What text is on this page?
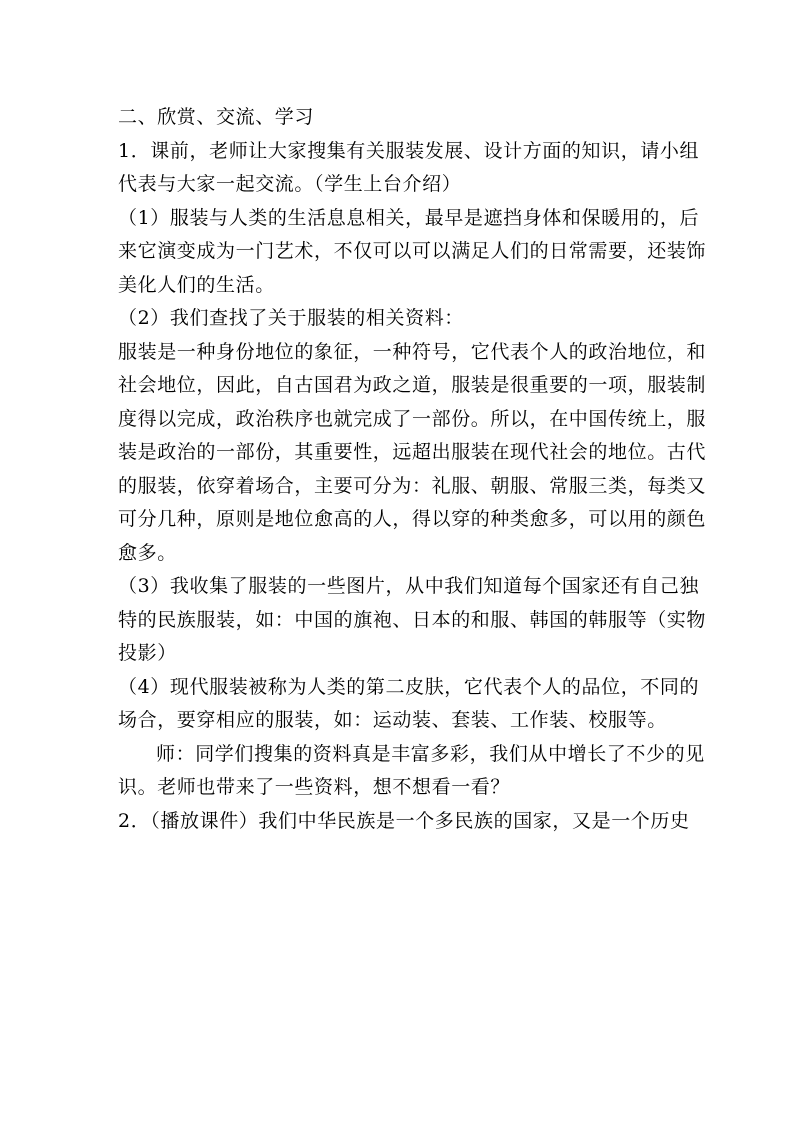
二、欣赏、交流、学习
1．课前，老师让大家搜集有关服装发展、设计方面的知识，请小组
代表与大家一起交流。（学生上台介绍）
（1）服装与人类的生活息息相关，最早是遮挡身体和保暖用的，后
来它演变成为一门艺术，不仅可以可以满足人们的日常需要，还装饰
美化人们的生活。
（2）我们查找了关于服装的相关资料：
服装是一种身份地位的象征，一种符号，它代表个人的政治地位，和
社会地位，因此，自古国君为政之道，服装是很重要的一项，服装制
度得以完成，政治秩序也就完成了一部份。所以，在中国传统上，服
装是政治的一部份，其重要性，远超出服装在现代社会的地位。古代
的服装，依穿着场合，主要可分为：礼服、朝服、常服三类，每类又
可分几种，原则是地位愈高的人，得以穿的种类愈多，可以用的颜色
愈多。
（3）我收集了服装的一些图片，从中我们知道每个国家还有自己独
特的民族服装，如：中国的旗袍、日本的和服、韩国的韩服等（实物
投影）
（4）现代服装被称为人类的第二皮肤，它代表个人的品位，不同的
场合，要穿相应的服装，如：运动装、套装、工作装、校服等。
师：同学们搜集的资料真是丰富多彩，我们从中增长了不少的见
识。老师也带来了一些资料，想不想看一看？
2．（播放课件）我们中华民族是一个多民族的国家，又是一个历史
